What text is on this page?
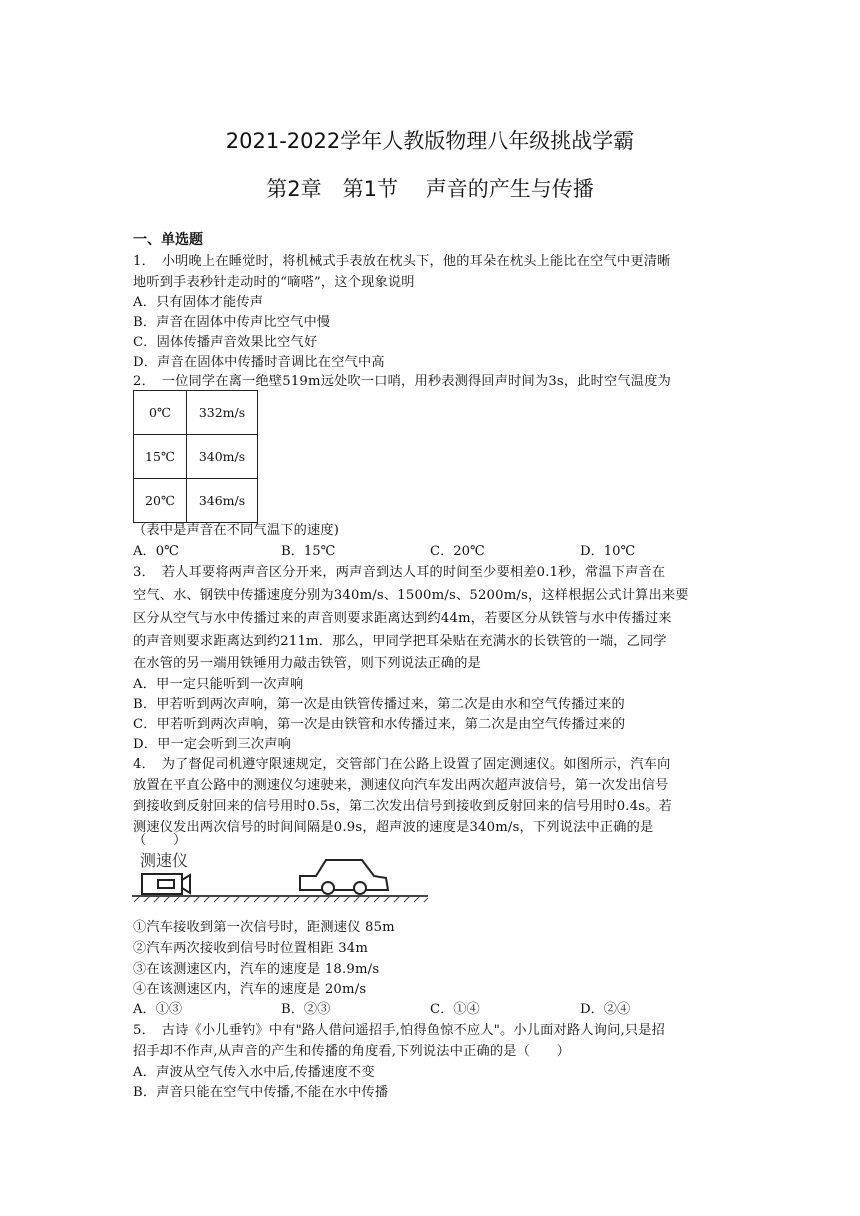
2021-2022学年人教版物理八年级挑战学霸
第2章　第1节　 声音的产生与传播
一、单选题
1．　小明晚上在睡觉时，将机械式手表放在枕头下，他的耳朵在枕头上能比在空气中更清晰
地听到手表秒针走动时的“嘀嗒”，这个现象说明
A．只有固体才能传声
B．声音在固体中传声比空气中慢
C．固体传播声音效果比空气好
D．声音在固体中传播时音调比在空气中高
2．　一位同学在离一绝壁519m远处吹一口哨，用秒表测得回声时间为3s，此时空气温度为
0℃	332m/s
15℃	340m/s
20℃	346m/s
（表中是声音在不同气温下的速度)
A．0℃	B．15℃	C．20℃	D．10℃
3．　若人耳要将两声音区分开来，两声音到达人耳的时间至少要相差0.1秒，常温下声音在
空气、水、钢铁中传播速度分别为340m/s、1500m/s、5200m/s，这样根据公式计算出来要
区分从空气与水中传播过来的声音则要求距离达到约44m，若要区分从铁管与水中传播过来
的声音则要求距离达到约211m．那么，甲同学把耳朵贴在充满水的长铁管的一端，乙同学
在水管的另一端用铁锤用力敲击铁管，则下列说法正确的是
A．甲一定只能听到一次声响
B．甲若听到两次声响，第一次是由铁管传播过来，第二次是由水和空气传播过来的
C．甲若听到两次声响，第一次是由铁管和水传播过来，第二次是由空气传播过来的
D．甲一定会听到三次声响
4．　为了督促司机遵守限速规定，交管部门在公路上设置了固定测速仪。如图所示，汽车向
放置在平直公路中的测速仪匀速驶来，测速仪向汽车发出两次超声波信号，第一次发出信号
到接收到反射回来的信号用时0.5s，第二次发出信号到接收到反射回来的信号用时0.4s。若
测速仪发出两次信号的时间间隔是0.9s，超声波的速度是340m/s，下列说法中正确的是
（　　）
测速仪
①汽车接收到第一次信号时，距测速仪 85m
②汽车两次接收到信号时位置相距 34m
③在该测速区内，汽车的速度是 18.9m/s
④在该测速区内，汽车的速度是 20m/s
A．①③	B．②③	C．①④	D．②④
5．　古诗《小儿垂钓》中有"路人借问遥招手,怕得鱼惊不应人"。小儿面对路人询问,只是招
招手却不作声,从声音的产生和传播的角度看,下列说法中正确的是（　　）
A．声波从空气传入水中后,传播速度不变
B．声音只能在空气中传播,不能在水中传播
